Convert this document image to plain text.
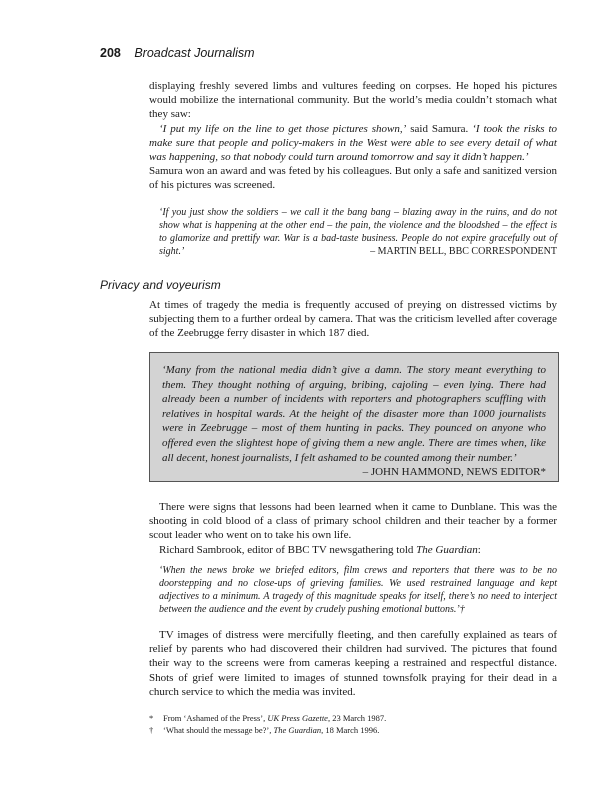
208 Broadcast Journalism

displaying freshly severed limbs and vultures feeding on corpses. He hoped his pictures would mobilize the international community. But the world’s media couldn’t stomach what they saw:

‘I put my life on the line to get those pictures shown,’ said Samura. ‘I took the risks to make sure that people and policy-makers in the West were able to see every detail of what was happening, so that nobody could turn around tomorrow and say it didn’t happen.’

Samura won an award and was feted by his colleagues. But only a safe and sanitized version of his pictures was screened.

‘If you just show the soldiers – we call it the bang bang – blazing away in the ruins, and do not show what is happening at the other end – the pain, the violence and the bloodshed – the effect is to glamorize and prettify war. War is a bad-taste business. People do not expire gracefully out of sight.’	– MARTIN BELL, BBC CORRESPONDENT
Privacy and voyeurism

At times of tragedy the media is frequently accused of preying on distressed victims by subjecting them to a further ordeal by camera. That was the criticism levelled after coverage of the Zeebrugge ferry disaster in which 187 died.

‘Many from the national media didn’t give a damn. The story meant everything to them. They thought nothing of arguing, bribing, cajoling – even lying. There had already been a number of incidents with reporters and photographers scuffling with relatives in hospital wards. At the height of the disaster more than 1000 journalists were in Zeebrugge – most of them hunting in packs. They pounced on anyone who offered even the slightest hope of giving them a new angle. There are times when, like all decent, honest journalists, I felt ashamed to be counted among their number.’
– JOHN HAMMOND, NEWS EDITOR*

There were signs that lessons had been learned when it came to Dunblane. This was the shooting in cold blood of a class of primary school children and their teacher by a former scout leader who went on to take his own life.

Richard Sambrook, editor of BBC TV newsgathering told The Guardian:

‘When the news broke we briefed editors, film crews and reporters that there was to be no doorstepping and no close-ups of grieving families. We used restrained language and kept adjectives to a minimum. A tragedy of this magnitude speaks for itself, there’s no need to interject between the audience and the event by crudely pushing emotional buttons.’†

TV images of distress were mercifully fleeting, and then carefully explained as tears of relief by parents who had discovered their children had survived. The pictures that found their way to the screens were from cameras keeping a restrained and respectful distance. Shots of grief were limited to images of stunned townsfolk praying for their dead in a church service to which the media was invited.

* From ‘Ashamed of the Press’, UK Press Gazette, 23 March 1987.
† ‘What should the message be?’, The Guardian, 18 March 1996.
